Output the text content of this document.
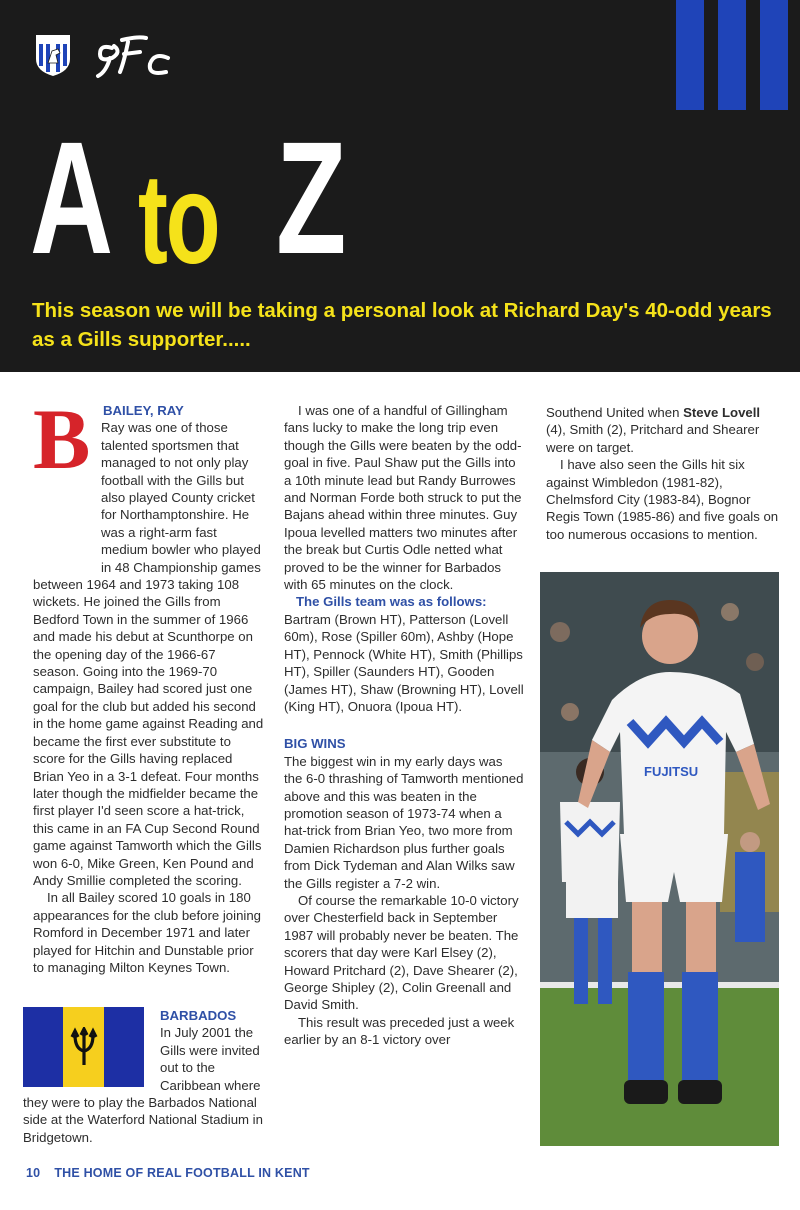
A to Z
This season we will be taking a personal look at Richard Day's 40-odd years as a Gills supporter.....
B BAILEY, RAY

Ray was one of those talented sportsmen that managed to not only play football with the Gills but also played County cricket for Northamptonshire. He was a right-arm fast medium bowler who played in 48 Championship games between 1964 and 1973 taking 108 wickets. He joined the Gills from Bedford Town in the summer of 1966 and made his debut at Scunthorpe on the opening day of the 1966-67 season. Going into the 1969-70 campaign, Bailey had scored just one goal for the club but added his second in the home game against Reading and became the first ever substitute to score for the Gills having replaced Brian Yeo in a 3-1 defeat. Four months later though the midfielder became the first player I'd seen score a hat-trick, this came in an FA Cup Second Round game against Tamworth which the Gills won 6-0, Mike Green, Ken Pound and Andy Smillie completed the scoring.

In all Bailey scored 10 goals in 180 appearances for the club before joining Romford in December 1971 and later played for Hitchin and Dunstable prior to managing Milton Keynes Town.

BARBADOS

In July 2001 the Gills were invited out to the Caribbean where they were to play the Barbados National side at the Waterford National Stadium in Bridgetown.

I was one of a handful of Gillingham fans lucky to make the long trip even though the Gills were beaten by the odd-goal in five. Paul Shaw put the Gills into a 10th minute lead but Randy Burrowes and Norman Forde both struck to put the Bajans ahead within three minutes. Guy Ipoua levelled matters two minutes after the break but Curtis Odle netted what proved to be the winner for Barbados with 65 minutes on the clock.

The Gills team was as follows:

Bartram (Brown HT), Patterson (Lovell 60m), Rose (Spiller 60m), Ashby (Hope HT), Pennock (White HT), Smith (Phillips HT), Spiller (Saunders HT), Gooden (James HT), Shaw (Browning HT), Lovell (King HT), Onuora (Ipoua HT).

BIG WINS

The biggest win in my early days was the 6-0 thrashing of Tamworth mentioned above and this was beaten in the promotion season of 1973-74 when a hat-trick from Brian Yeo, two more from Damien Richardson plus further goals from Dick Tydeman and Alan Wilks saw the Gills register a 7-2 win.

Of course the remarkable 10-0 victory over Chesterfield back in September 1987 will probably never be beaten. The scorers that day were Karl Elsey (2), Howard Pritchard (2), Dave Shearer (2), George Shipley (2), Colin Greenall and David Smith.

This result was preceded just a week earlier by an 8-1 victory over

Southend United when Steve Lovell (4), Smith (2), Pritchard and Shearer were on target.

I have also seen the Gills hit six against Wimbledon (1981-82), Chelmsford City (1983-84), Bognor Regis Town (1985-86) and five goals on too numerous occasions to mention.

FUJITSU
10 THE HOME OF REAL FOOTBALL IN KENT
